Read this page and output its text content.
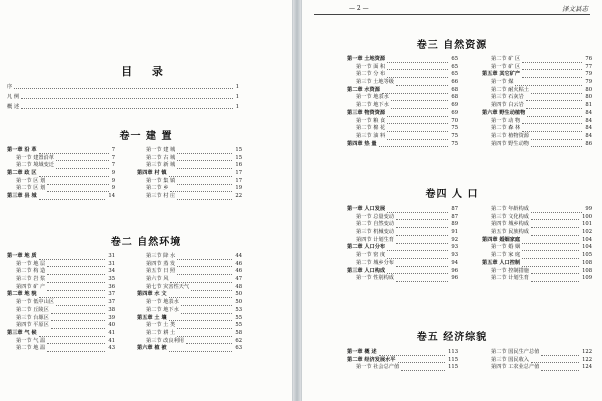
目 录
序	1
凡 例	1
概 述	1
卷一 建 置
第一章 沿 革	7
第一节 建置沿革	7
第二节 境域变迁	7
第二章 政 区	9
第一节 区 划	9
第二节 区 划	9
第三章 县 城	14
第一节 建 城	15
第二节 古 城	15
第三节 新 城	16
第四章 村 镇	17
第一节 集 镇	17
第二节 乡	19
第三节 村 庄	22
卷二 自然环境
第一章 地 质	31
第一节 地 层	31
第二节 构 造	34
第三节 岩 浆	35
第四节 矿 产	36
第二章 地 貌	37
第一节 低中山区	37
第二节 丘陵区	38
第三节 台塬区	39
第四节 平原区	40
第三章 气 候	41
第一节 气 温	41
第二节 地 温	43
第三节 降 水	44
第四节 蒸 发	46
第五节 日 照	46
第六节 风	47
第七节 灾害性天气	48
第四章 水 文	50
第一节 地表水	50
第二节 地下水	53
第五章 土 壤	55
第一节 土 类	55
第二节 耕 土	58
第三节 改良利用	62
第六章 植 被	63
— 2 —	泽文县志
卷三 自然资源
第一章 土地资源	65
第一节 面 积	65
第二节 分 布	65
第三节 土地等级	66
第二章 水资源	68
第一节 地表水	68
第二节 地下水	69
第三章 物资资源	69
第一节 粮 食	70
第二节 棉 花	75
第三节 油 料	75
第四章 热 量	75
第二节 矿 区	76
第一节 矿 区	77
第五章 其它矿产	79
第一节 煤	79
第二节 耐火粘土	80
第三节 石灰岩	80
第四节 白云岩	81
第六章 野生动植物	84
第一节 动 物	84
第二节 森 林	84
第三节 植物资源	84
第四节 野生动物	86
卷四 人 口
第一章 人口发展	87
第一节 总量变动	87
第二节 自然变动	89
第三节 机械变动	91
第四节 计划生育	92
第二章 人口分布	93
第一节 密 度	93
第二节 城乡分布	94
第三章 人口构成	96
第一节 性别构成	96
第二节 年龄构成	99
第三节 文化构成	100
第四节 城乡构成	101
第五节 民族构成	102
第四章 婚姻家庭	104
第一节 婚 姻	104
第二节 家 庭	105
第五章 人口控制	108
第一节 控制措施	108
第二节 计划生育	109
卷五 经济综貌
第一章 概 述	113
第二章 经济发展水平	115
第一节 社会总产值	115
第二节 国民生产总值	122
第三节 国民收入	122
第四节 工农业总产值	124
